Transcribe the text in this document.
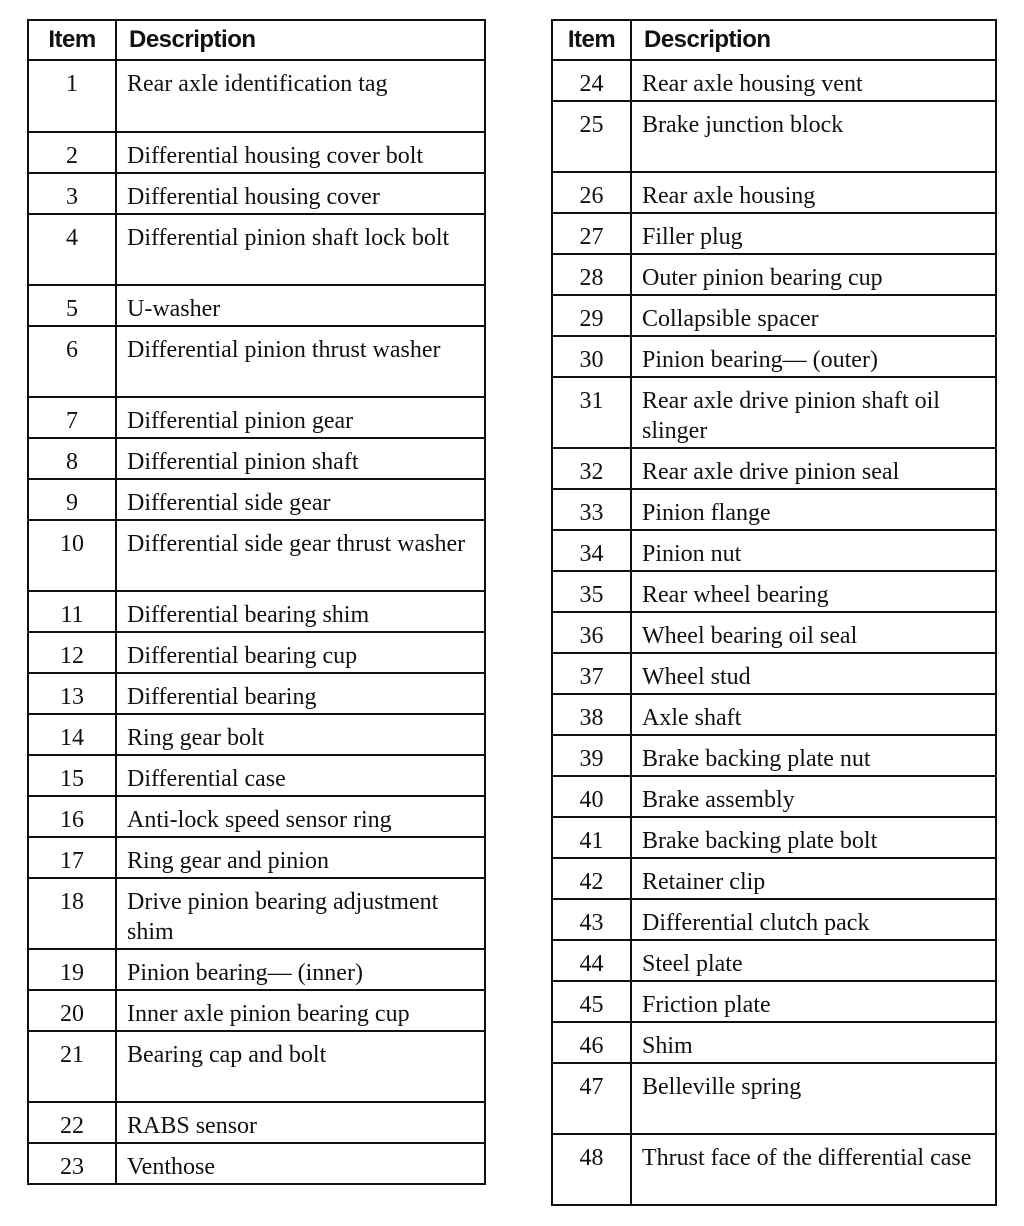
Item	Description
1	Rear axle identification tag
2	Differential housing cover bolt
3	Differential housing cover
4	Differential pinion shaft lock bolt
5	U-washer
6	Differential pinion thrust washer
7	Differential pinion gear
8	Differential pinion shaft
9	Differential side gear
10	Differential side gear thrust washer
11	Differential bearing shim
12	Differential bearing cup
13	Differential bearing
14	Ring gear bolt
15	Differential case
16	Anti-lock speed sensor ring
17	Ring gear and pinion
18	Drive pinion bearing adjustment shim
19	Pinion bearing— (inner)
20	Inner axle pinion bearing cup
21	Bearing cap and bolt
22	RABS sensor
23	Venthose
Item	Description
24	Rear axle housing vent
25	Brake junction block
26	Rear axle housing
27	Filler plug
28	Outer pinion bearing cup
29	Collapsible spacer
30	Pinion bearing— (outer)
31	Rear axle drive pinion shaft oil slinger
32	Rear axle drive pinion seal
33	Pinion flange
34	Pinion nut
35	Rear wheel bearing
36	Wheel bearing oil seal
37	Wheel stud
38	Axle shaft
39	Brake backing plate nut
40	Brake assembly
41	Brake backing plate bolt
42	Retainer clip
43	Differential clutch pack
44	Steel plate
45	Friction plate
46	Shim
47	Belleville spring
48	Thrust face of the differential case
